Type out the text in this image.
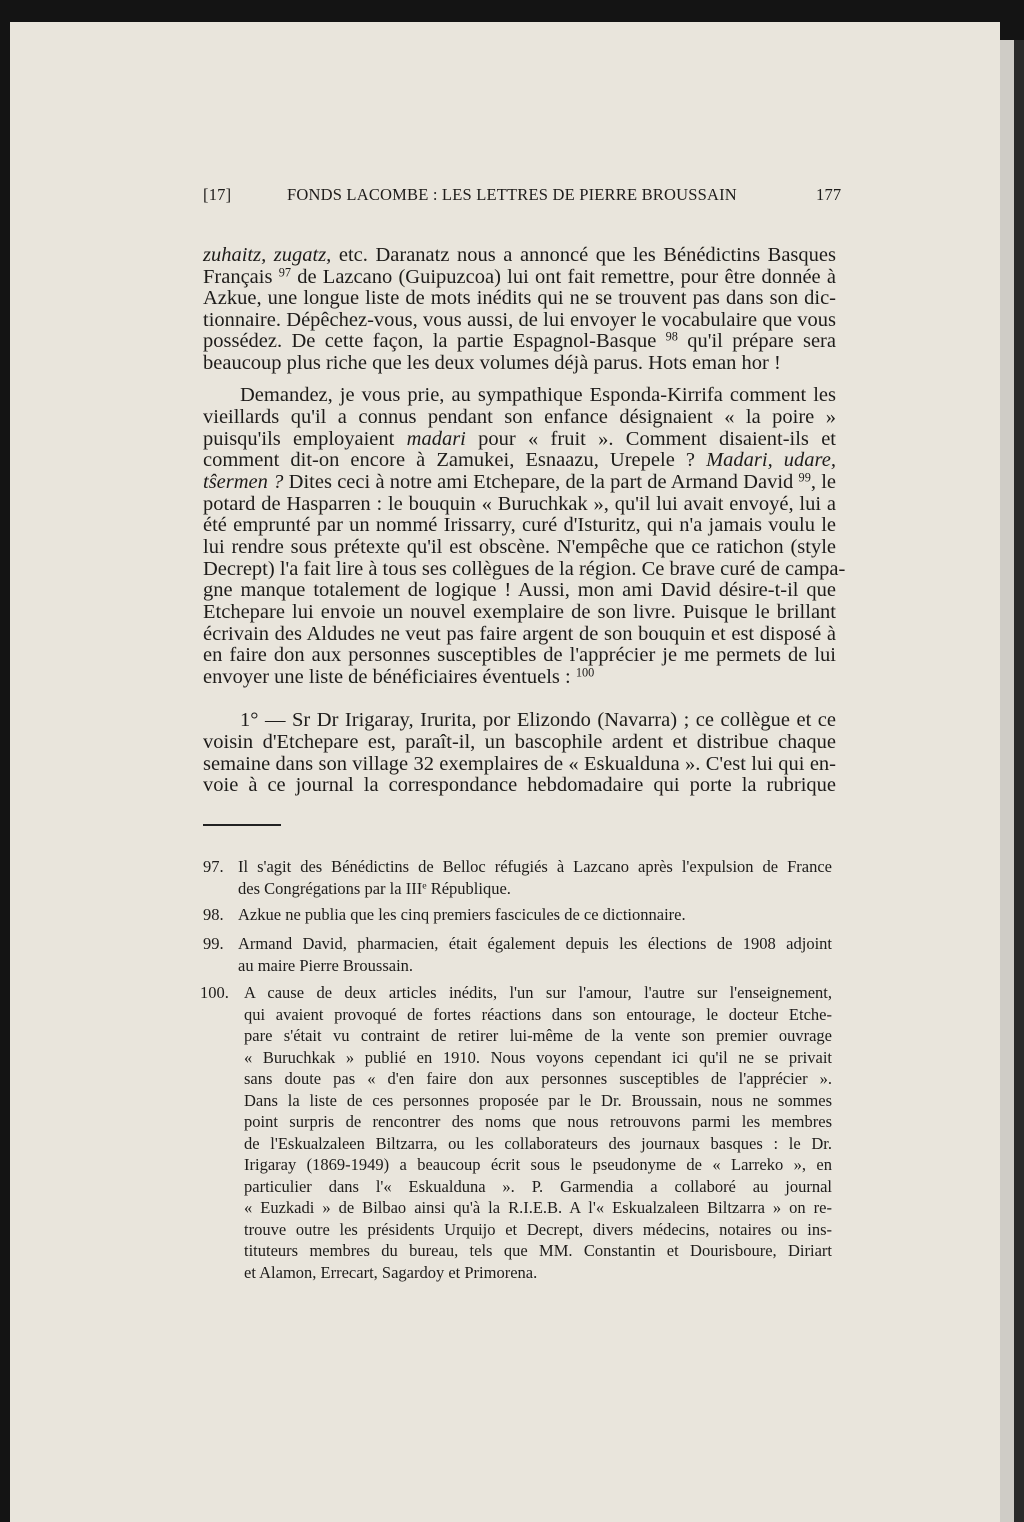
[17]	FONDS LACOMBE : LES LETTRES DE PIERRE BROUSSAIN	177
zuhaitz, zugatz, etc. Daranatz nous a annoncé que les Bénédictins Basques
Français $^{97}$ de Lazcano (Guipuzcoa) lui ont fait remettre, pour être donnée à
Azkue, une longue liste de mots inédits qui ne se trouvent pas dans son dic-
tionnaire. Dépêchez-vous, vous aussi, de lui envoyer le vocabulaire que vous
possédez. De cette façon, la partie Espagnol-Basque $^{98}$ qu'il prépare sera
beaucoup plus riche que les deux volumes déjà parus. Hots eman hor !
Demandez, je vous prie, au sympathique Esponda-Kirrifa comment les
vieillards qu'il a connus pendant son enfance désignaient « la poire »
puisqu'ils employaient madari pour « fruit ». Comment disaient-ils et
comment dit-on encore à Zamukei, Esnaazu, Urepele ? Madari, udare,
tŝermen ? Dites ceci à notre ami Etchepare, de la part de Armand David $^{99}$, le
potard de Hasparren : le bouquin « Buruchkak », qu'il lui avait envoyé, lui a
été emprunté par un nommé Irissarry, curé d'Isturitz, qui n'a jamais voulu le
lui rendre sous prétexte qu'il est obscène. N'empêche que ce ratichon (style
Decrept) l'a fait lire à tous ses collègues de la région. Ce brave curé de campa-
gne manque totalement de logique ! Aussi, mon ami David désire-t-il que
Etchepare lui envoie un nouvel exemplaire de son livre. Puisque le brillant
écrivain des Aldudes ne veut pas faire argent de son bouquin et est disposé à
en faire don aux personnes susceptibles de l'apprécier je me permets de lui
envoyer une liste de bénéficiaires éventuels : $^{100}$
1° — Sr Dr Irigaray, Irurita, por Elizondo (Navarra) ; ce collègue et ce
voisin d'Etchepare est, paraît-il, un bascophile ardent et distribue chaque
semaine dans son village 32 exemplaires de « Eskualduna ». C'est lui qui en-
voie à ce journal la correspondance hebdomadaire qui porte la rubrique
97. Il s'agit des Bénédictins de Belloc réfugiés à Lazcano après l'expulsion de France
des Congrégations par la IIIe République.
98. Azkue ne publia que les cinq premiers fascicules de ce dictionnaire.
99. Armand David, pharmacien, était également depuis les élections de 1908 adjoint
au maire Pierre Broussain.
100. A cause de deux articles inédits, l'un sur l'amour, l'autre sur l'enseignement,
qui avaient provoqué de fortes réactions dans son entourage, le docteur Etche-
pare s'était vu contraint de retirer lui-même de la vente son premier ouvrage
« Buruchkak » publié en 1910. Nous voyons cependant ici qu'il ne se privait
sans doute pas « d'en faire don aux personnes susceptibles de l'apprécier ».
Dans la liste de ces personnes proposée par le Dr. Broussain, nous ne sommes
point surpris de rencontrer des noms que nous retrouvons parmi les membres
de l'Eskualzaleen Biltzarra, ou les collaborateurs des journaux basques : le Dr.
Irigaray (1869-1949) a beaucoup écrit sous le pseudonyme de « Larreko », en
particulier dans l'« Eskualduna ». P. Garmendia a collaboré au journal
« Euzkadi » de Bilbao ainsi qu'à la R.I.E.B. A l'« Eskualzaleen Biltzarra » on re-
trouve outre les présidents Urquijo et Decrept, divers médecins, notaires ou ins-
tituteurs membres du bureau, tels que MM. Constantin et Dourisboure, Diriart
et Alamon, Errecart, Sagardoy et Primorena.
